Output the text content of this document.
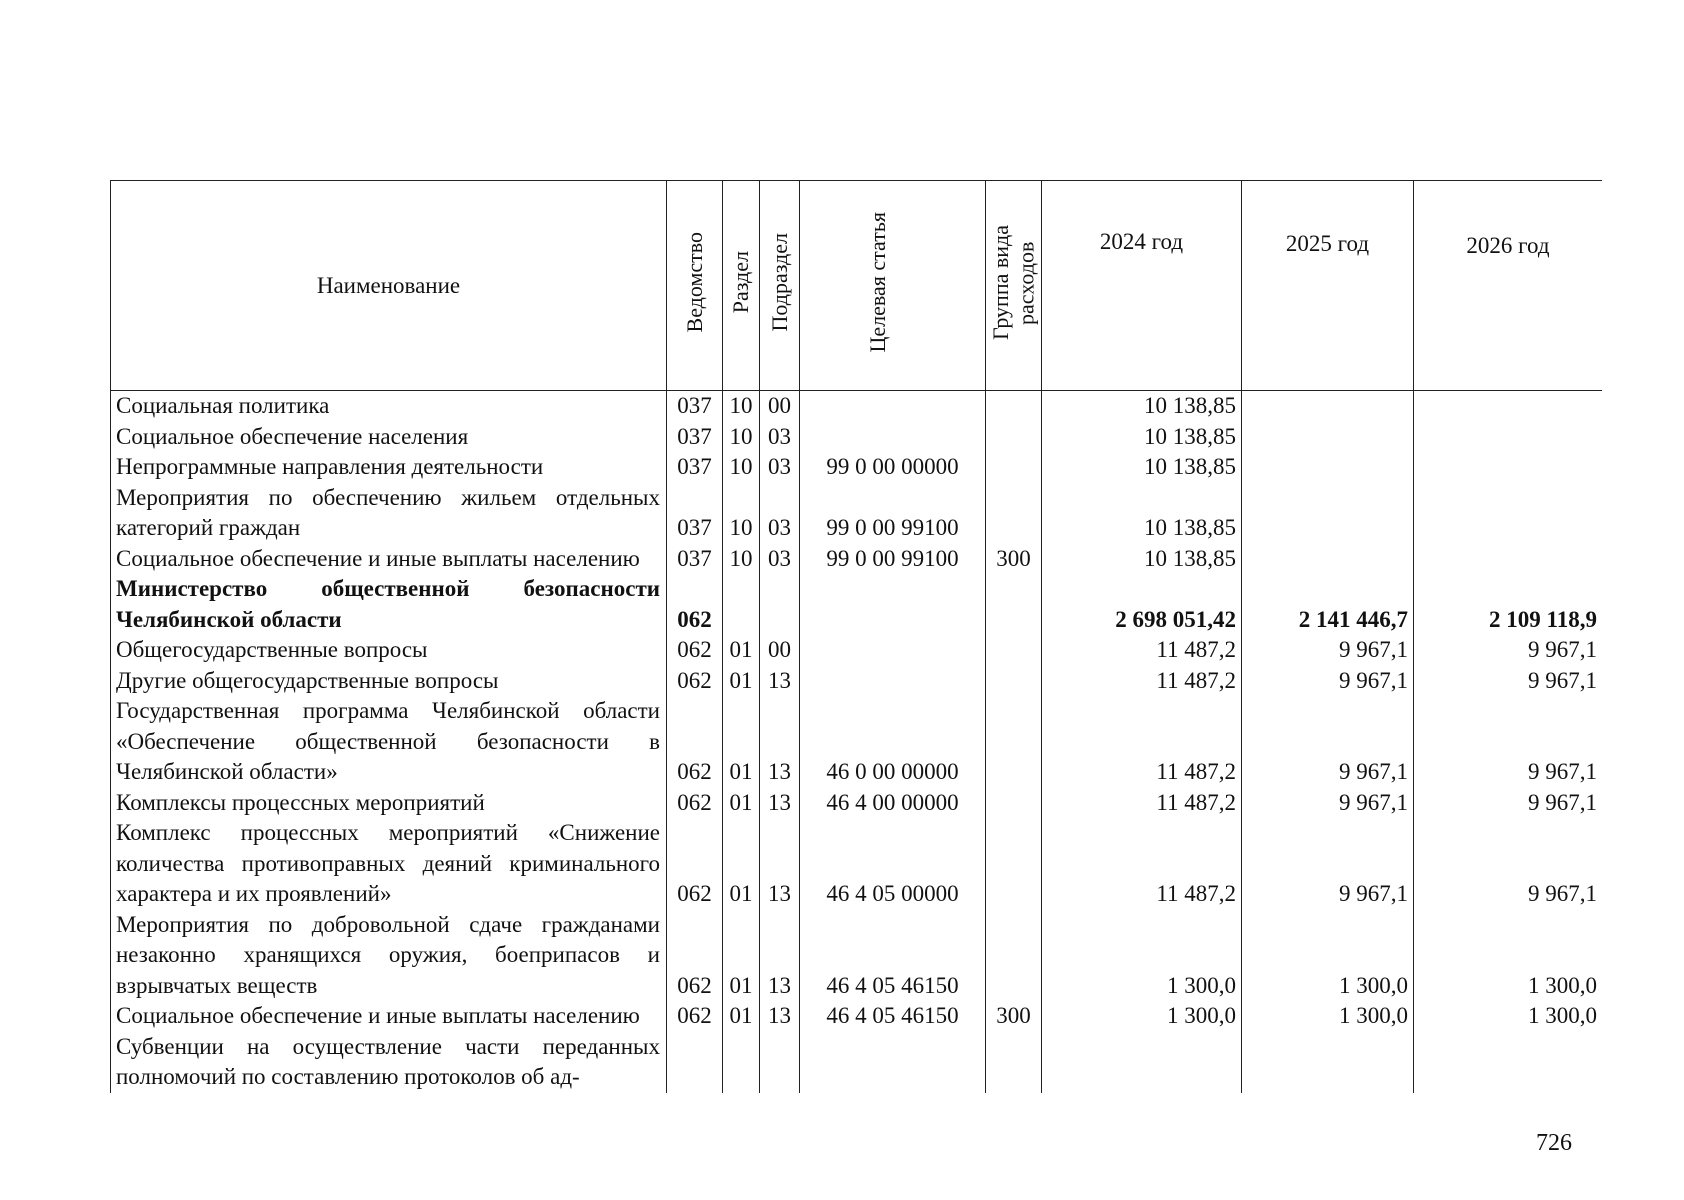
Наименование	Ведомство	Раздел	Подраздел	Целевая статья	Группа вида расходов	2024 год	2025 год	2026 год
Социальная политика	037	10	00			10 138,85		
Социальное обеспечение населения	037	10	03			10 138,85		
Непрограммные направления деятельности	037	10	03	99 0 00 00000		10 138,85		
Мероприятия по обеспечению жильем отдельных категорий граждан	037	10	03	99 0 00 99100		10 138,85		
Социальное обеспечение и иные выплаты населению	037	10	03	99 0 00 99100	300	10 138,85		
Министерство общественной безопасности Челябинской области	062					2 698 051,42	2 141 446,7	2 109 118,9
Общегосударственные вопросы	062	01	00			11 487,2	9 967,1	9 967,1
Другие общегосударственные вопросы	062	01	13			11 487,2	9 967,1	9 967,1
Государственная программа Челябинской области «Обеспечение общественной безопасности в Челябинской области»	062	01	13	46 0 00 00000		11 487,2	9 967,1	9 967,1
Комплексы процессных мероприятий	062	01	13	46 4 00 00000		11 487,2	9 967,1	9 967,1
Комплекс процессных мероприятий «Снижение количества противоправных деяний криминального характера и их проявлений»	062	01	13	46 4 05 00000		11 487,2	9 967,1	9 967,1
Мероприятия по добровольной сдаче гражданами незаконно хранящихся оружия, боеприпасов и взрывчатых веществ	062	01	13	46 4 05 46150		1 300,0	1 300,0	1 300,0
Социальное обеспечение и иные выплаты населению	062	01	13	46 4 05 46150	300	1 300,0	1 300,0	1 300,0
Субвенции на осуществление части переданных полномочий по составлению протоколов об ад-								
726
